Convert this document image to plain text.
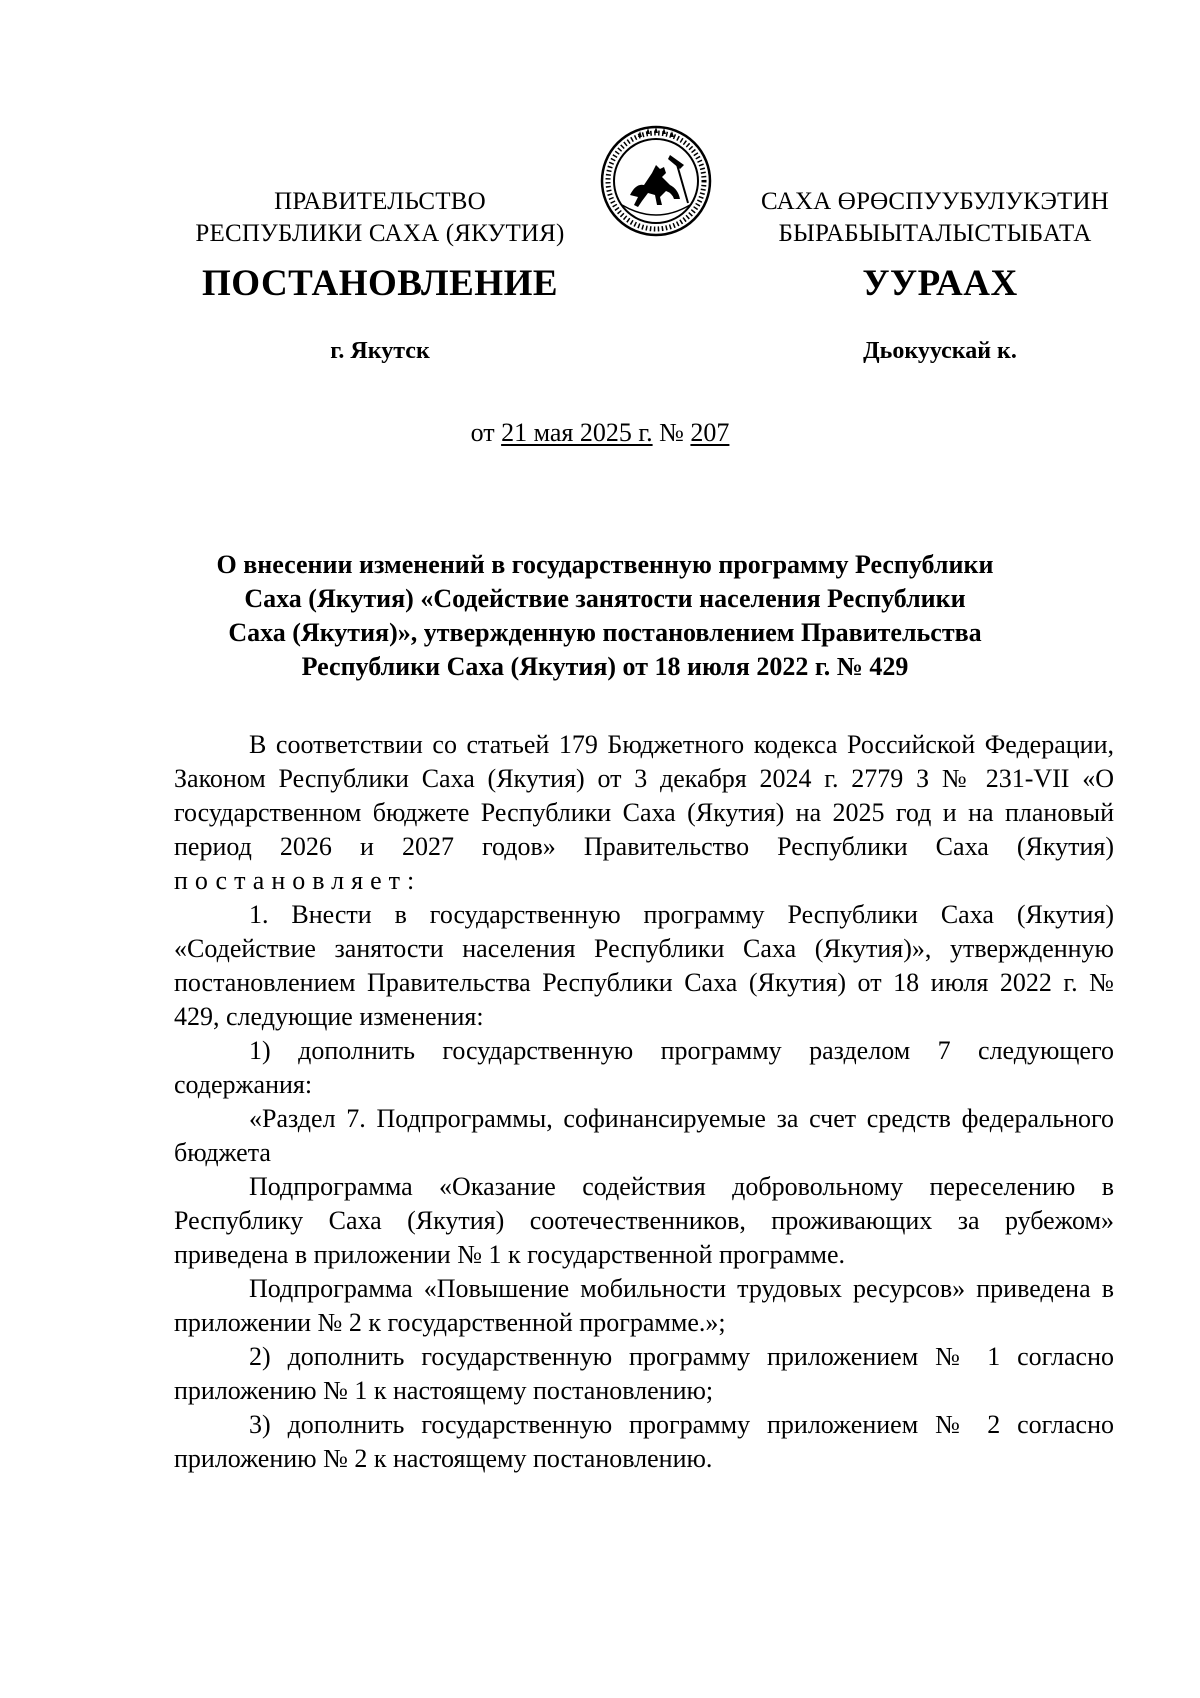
ПРАВИТЕЛЬСТВО
РЕСПУБЛИКИ САХА (ЯКУТИЯ)
САХА ӨРӨСПУУБУЛУКЭТИН
БЫРАБЫЫТАЛЫСТЫБАТА
ПОСТАНОВЛЕНИЕ	УУРААХ
г. Якутск	Дьокуускай к.
от 21 мая 2025 г. № 207
О внесении изменений в государственную программу Республики
Саха (Якутия) «Содействие занятости населения Республики
Саха (Якутия)», утвержденную постановлением Правительства
Республики Саха (Якутия) от 18 июля 2022 г. № 429

В соответствии со статьей 179 Бюджетного кодекса Российской Федерации, Законом Республики Саха (Якутия) от 3 декабря 2024 г. 2779 З № 231-VII «О государственном бюджете Республики Саха (Якутия) на 2025 год и на плановый период 2026 и 2027 годов» Правительство Республики Саха (Якутия) постановляет:

1. Внести в государственную программу Республики Саха (Якутия) «Содействие занятости населения Республики Саха (Якутия)», утвержденную постановлением Правительства Республики Саха (Якутия) от 18 июля 2022 г. № 429, следующие изменения:

1) дополнить государственную программу разделом 7 следующего содержания:

«Раздел 7. Подпрограммы, софинансируемые за счет средств федерального бюджета

Подпрограмма «Оказание содействия добровольному переселению в Республику Саха (Якутия) соотечественников, проживающих за рубежом» приведена в приложении № 1 к государственной программе.

Подпрограмма «Повышение мобильности трудовых ресурсов» приведена в приложении № 2 к государственной программе.»;

2) дополнить государственную программу приложением № 1 согласно приложению № 1 к настоящему постановлению;

3) дополнить государственную программу приложением № 2 согласно приложению № 2 к настоящему постановлению.
